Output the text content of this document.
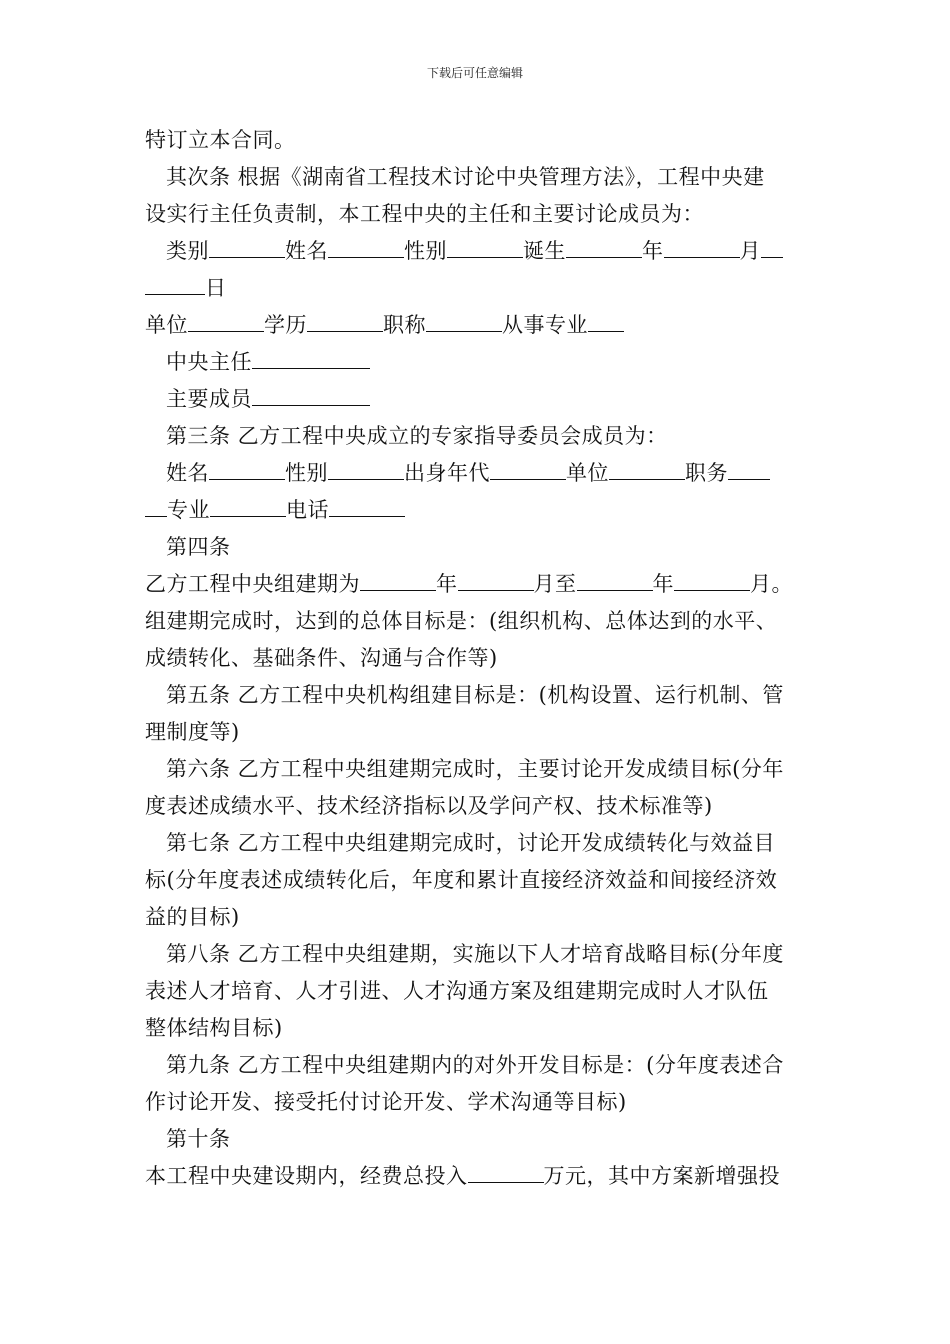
下载后可任意编辑
特订立本合同。
其次条 根据《湖南省工程技术讨论中央管理方法》，工程中央建
设实行主任负责制，本工程中央的主任和主要讨论成员为：
类别	姓名	性别	诞生	年	月
日
单位	学历	职称	从事专业
中央主任
主要成员
第三条 乙方工程中央成立的专家指导委员会成员为：
姓名	性别	出身年代	单位	职务
专业	电话
第四条
乙方工程中央组建期为	年	月至	年	月。
组建期完成时，达到的总体目标是：(组织机构、总体达到的水平、
成绩转化、基础条件、沟通与合作等)
第五条 乙方工程中央机构组建目标是：(机构设置、运行机制、管
理制度等)
第六条 乙方工程中央组建期完成时，主要讨论开发成绩目标(分年
度表述成绩水平、技术经济指标以及学问产权、技术标准等)
第七条 乙方工程中央组建期完成时，讨论开发成绩转化与效益目
标(分年度表述成绩转化后，年度和累计直接经济效益和间接经济效
益的目标)
第八条 乙方工程中央组建期，实施以下人才培育战略目标(分年度
表述人才培育、人才引进、人才沟通方案及组建期完成时人才队伍
整体结构目标)
第九条 乙方工程中央组建期内的对外开发目标是：(分年度表述合
作讨论开发、接受托付讨论开发、学术沟通等目标)
第十条
本工程中央建设期内，经费总投入	万元，其中方案新增强投
